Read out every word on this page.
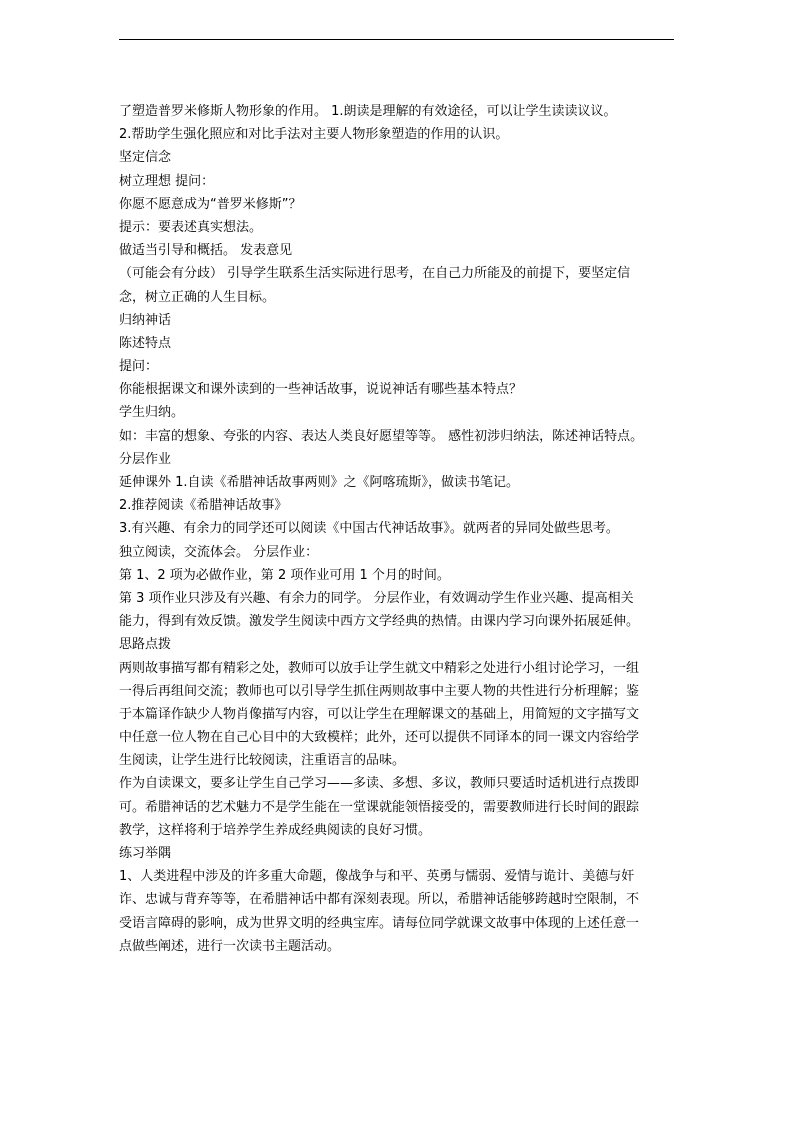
了塑造普罗米修斯人物形象的作用。 1.朗读是理解的有效途径，可以让学生读读议议。
2.帮助学生强化照应和对比手法对主要人物形象塑造的作用的认识。
坚定信念
树立理想 提问：
你愿不愿意成为“普罗米修斯”？
提示：要表述真实想法。
做适当引导和概括。 发表意见
（可能会有分歧） 引导学生联系生活实际进行思考，在自己力所能及的前提下，要坚定信
念，树立正确的人生目标。
归纳神话
陈述特点
提问：
你能根据课文和课外读到的一些神话故事，说说神话有哪些基本特点？
学生归纳。
如：丰富的想象、夸张的内容、表达人类良好愿望等等。 感性初涉归纳法，陈述神话特点。
分层作业
延伸课外 1.自读《希腊神话故事两则》之《阿喀琉斯》，做读书笔记。
2.推荐阅读《希腊神话故事》
3.有兴趣、有余力的同学还可以阅读《中国古代神话故事》。就两者的异同处做些思考。
独立阅读，交流体会。 分层作业：
第 1、2 项为必做作业，第 2 项作业可用 1 个月的时间。
第 3 项作业只涉及有兴趣、有余力的同学。 分层作业，有效调动学生作业兴趣、提高相关
能力，得到有效反馈。激发学生阅读中西方文学经典的热情。由课内学习向课外拓展延伸。
思路点拨
两则故事描写都有精彩之处，教师可以放手让学生就文中精彩之处进行小组讨论学习，一组
一得后再组间交流；教师也可以引导学生抓住两则故事中主要人物的共性进行分析理解；鉴
于本篇译作缺少人物肖像描写内容，可以让学生在理解课文的基础上，用简短的文字描写文
中任意一位人物在自己心目中的大致模样；此外，还可以提供不同译本的同一课文内容给学
生阅读，让学生进行比较阅读，注重语言的品味。
作为自读课文，要多让学生自己学习——多读、多想、多议，教师只要适时适机进行点拨即
可。希腊神话的艺术魅力不是学生能在一堂课就能领悟接受的，需要教师进行长时间的跟踪
教学，这样将利于培养学生养成经典阅读的良好习惯。
练习举隅
1、人类进程中涉及的许多重大命题，像战争与和平、英勇与懦弱、爱情与诡计、美德与奸
诈、忠诚与背弃等等，在希腊神话中都有深刻表现。所以，希腊神话能够跨越时空限制，不
受语言障碍的影响，成为世界文明的经典宝库。请每位同学就课文故事中体现的上述任意一
点做些阐述，进行一次读书主题活动。
